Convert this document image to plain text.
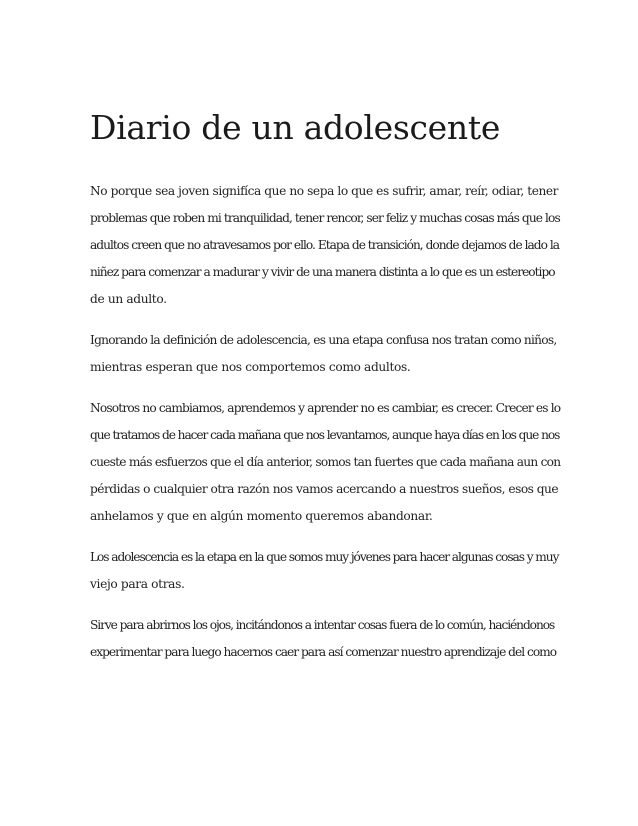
Diario de un adolescente

No porque sea joven signifíca que no sepa lo que es sufrir, amar, reír, odiar, tener
problemas que roben mi tranquilidad, tener rencor, ser feliz y muchas cosas más que los
adultos creen que no atravesamos por ello. Etapa de transición, donde dejamos de lado la
niñez para comenzar a madurar y vivir de una manera distinta a lo que es un estereotipo
de un adulto.

Ignorando la definición de adolescencia, es una etapa confusa nos tratan como niños,
mientras esperan que nos comportemos como adultos.

Nosotros no cambiamos, aprendemos y aprender no es cambiar, es crecer. Crecer es lo
que tratamos de hacer cada mañana que nos levantamos, aunque haya días en los que nos
cueste más esfuerzos que el día anterior, somos tan fuertes que cada mañana aun con
pérdidas o cualquier otra razón nos vamos acercando a nuestros sueños, esos que
anhelamos y que en algún momento queremos abandonar.

Los adolescencia es la etapa en la que somos muy jóvenes para hacer algunas cosas y muy
viejo para otras.

Sirve para abrirnos los ojos, incitándonos a intentar cosas fuera de lo común, haciéndonos
experimentar para luego hacernos caer para así comenzar nuestro aprendizaje del como
